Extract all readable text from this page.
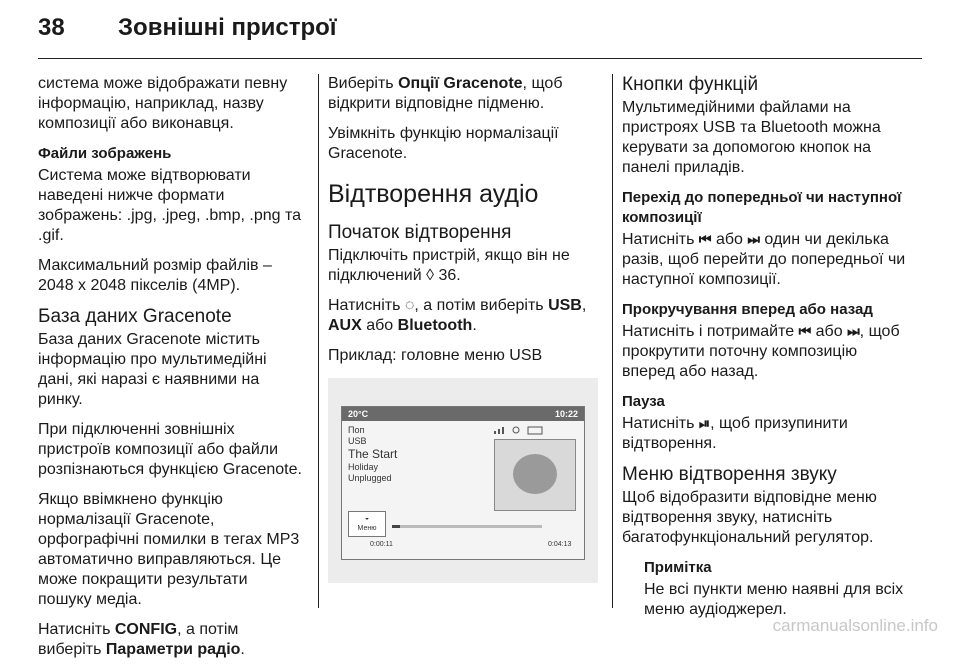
38	Зовнішні пристрої

система може відображати певну інформацію, наприклад, назву композиції або виконавця.

Файли зображень

Система може відтворювати наведені нижче формати зображень: .jpg, .jpeg, .bmp, .png та .gif.

Максимальний розмір файлів – 2048 x 2048 пікселів (4MP).

База даних Gracenote

База даних Gracenote містить інформацію про мультимедійні дані, які наразі є наявними на ринку.

При підключенні зовнішніх пристроїв композиції або файли розпізнаються функцією Gracenote.

Якщо ввімкнено функцію нормалізації Gracenote, орфографічні помилки в тегах MP3 автоматично виправляються. Це може покращити результати пошуку медіа.

Натисніть CONFIG, а потім виберіть Параметри радіо.

Виберіть Опції Gracenote, щоб відкрити відповідне підменю.

Увімкніть функцію нормалізації Gracenote.

Відтворення аудіо
Початок відтворення

Підключіть пристрій, якщо він не підключений ◊ 36.

Натисніть ◌, а потім виберіть USB, AUX або Bluetooth.

Приклад: головне меню USB

20°C	10:22
Поп
USB
The Start
Holiday
Unplugged
◒
Меню
0:00:11	0:04:13
Кнопки функцій

Мультимедійними файлами на пристроях USB та Bluetooth можна керувати за допомогою кнопок на панелі приладів.

Перехід до попередньої чи наступної композиції

Натисніть ⏮ або ⏭ один чи декілька разів, щоб перейти до попередньої чи наступної композиції.

Прокручування вперед або назад

Натисніть і потримайте ⏮ або ⏭, щоб прокрутити поточну композицію вперед або назад.

Пауза

Натисніть ⏯, щоб призупинити відтворення.

Меню відтворення звуку

Щоб відобразити відповідне меню відтворення звуку, натисніть багатофункціональний регулятор.

Примітка

Не всі пункти меню наявні для всіх меню аудіоджерел.

carmanualsonline.info
